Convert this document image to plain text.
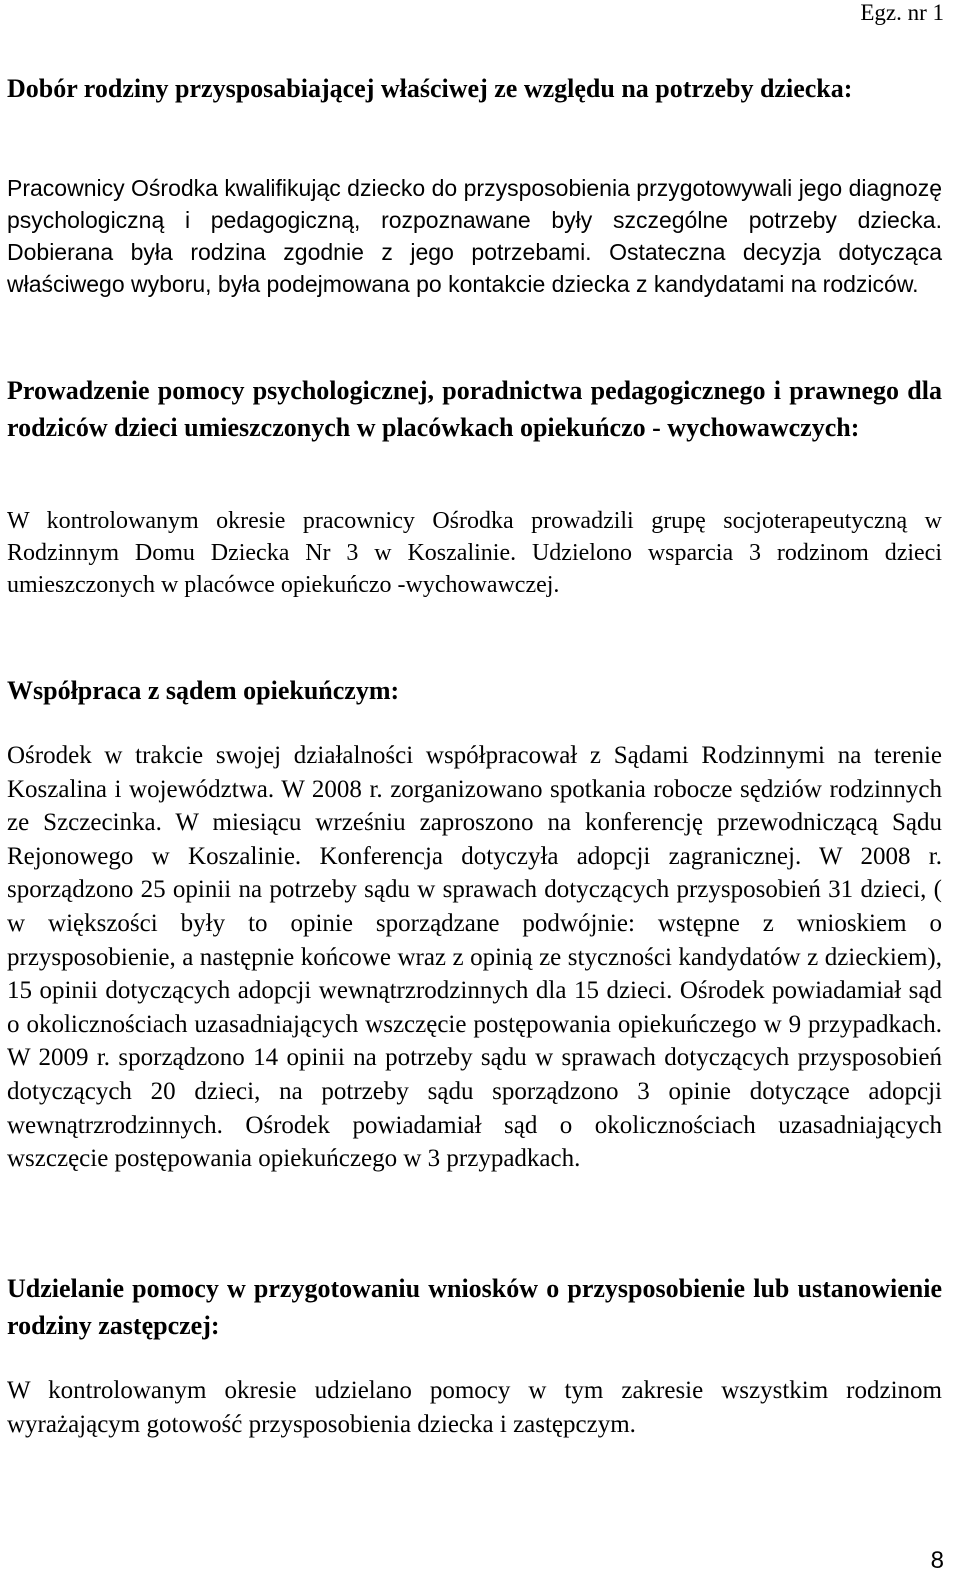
Egz. nr 1
Dobór rodziny przysposabiającej właściwej ze względu na potrzeby dziecka:

Pracownicy Ośrodka kwalifikując dziecko do przysposobienia przygotowywali jego diagnozę psychologiczną i pedagogiczną, rozpoznawane były szczególne potrzeby dziecka. Dobierana była rodzina zgodnie z jego potrzebami. Ostateczna decyzja dotycząca właściwego wyboru, była podejmowana po kontakcie dziecka z kandydatami na rodziców.

Prowadzenie pomocy psychologicznej, poradnictwa pedagogicznego i prawnego dla rodziców dzieci umieszczonych w placówkach opiekuńczo - wychowawczych:

W kontrolowanym okresie pracownicy Ośrodka prowadzili grupę socjoterapeutyczną w Rodzinnym Domu Dziecka Nr 3 w Koszalinie. Udzielono wsparcia 3 rodzinom dzieci umieszczonych w placówce opiekuńczo -wychowawczej.

Współpraca z sądem opiekuńczym:

Ośrodek w trakcie swojej działalności współpracował z Sądami Rodzinnymi na terenie Koszalina i województwa. W 2008 r. zorganizowano spotkania robocze sędziów rodzinnych ze Szczecinka. W miesiącu wrześniu zaproszono na konferencję przewodniczącą Sądu Rejonowego w Koszalinie. Konferencja dotyczyła adopcji zagranicznej. W 2008 r. sporządzono 25 opinii na potrzeby sądu w sprawach dotyczących przysposobień 31 dzieci, ( w większości były to opinie sporządzane podwójnie: wstępne z wnioskiem o przysposobienie, a następnie końcowe wraz z opinią ze styczności kandydatów z dzieckiem), 15 opinii dotyczących adopcji wewnątrzrodzinnych dla 15 dzieci. Ośrodek powiadamiał sąd o okolicznościach uzasadniających wszczęcie postępowania opiekuńczego w 9 przypadkach. W 2009 r. sporządzono 14 opinii na potrzeby sądu w sprawach dotyczących przysposobień dotyczących 20 dzieci, na potrzeby sądu sporządzono 3 opinie dotyczące adopcji wewnątrzrodzinnych. Ośrodek powiadamiał sąd o okolicznościach uzasadniających wszczęcie postępowania opiekuńczego w 3 przypadkach.

Udzielanie pomocy w przygotowaniu wniosków o przysposobienie lub ustanowienie rodziny zastępczej:

W kontrolowanym okresie udzielano pomocy w tym zakresie wszystkim rodzinom wyrażającym gotowość przysposobienia dziecka i zastępczym.

8
